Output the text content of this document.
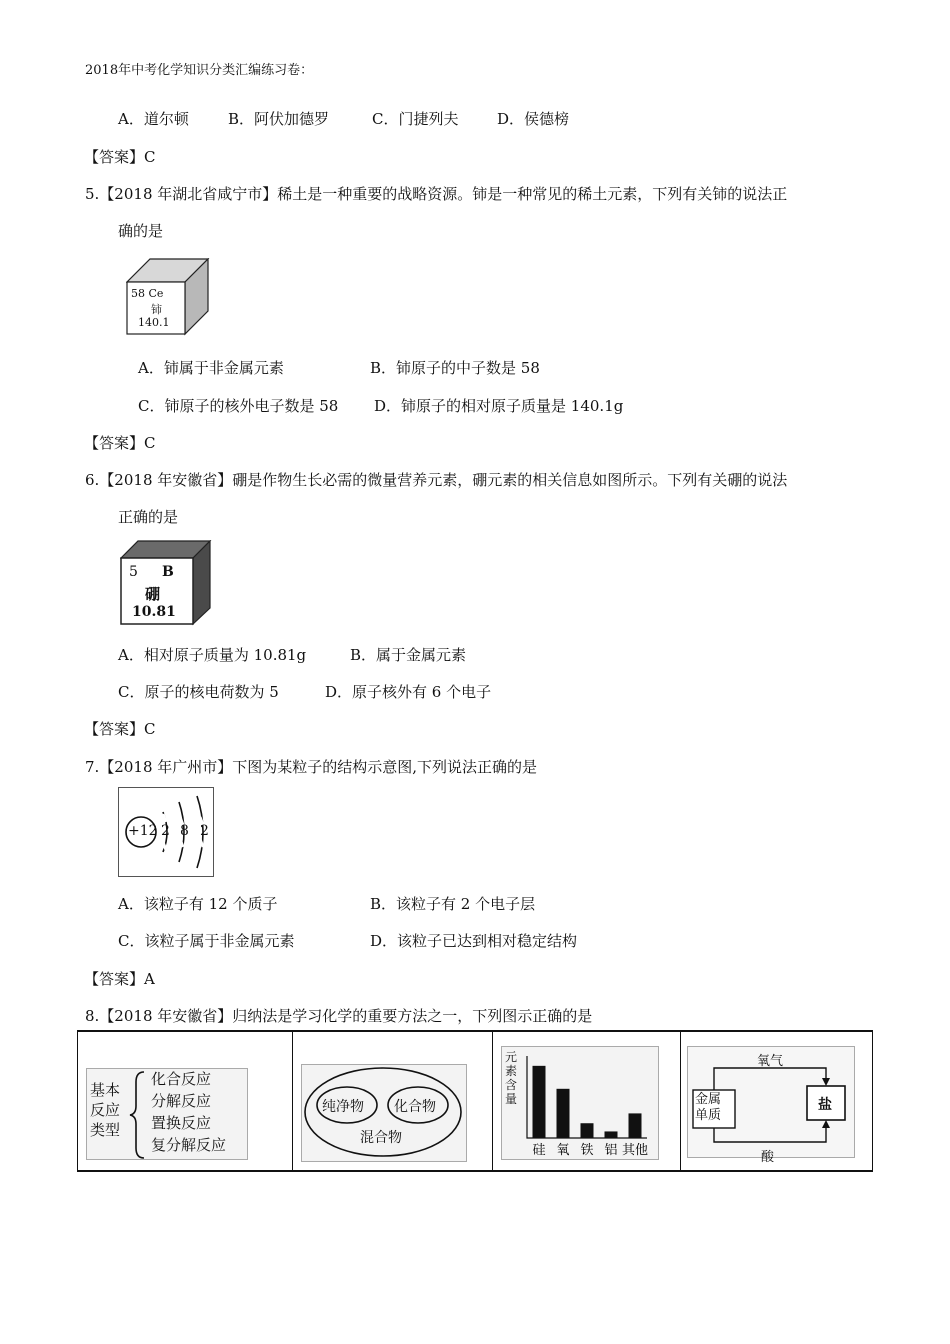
2018年中考化学知识分类汇编练习卷：
A．道尔顿	B．阿伏加德罗	C．门捷列夫	D．侯德榜
【答案】C
5.【2018 年湖北省咸宁市】稀土是一种重要的战略资源。铈是一种常见的稀土元素，下列有关铈的说法正
确的是
58 Ce
铈
140.1
A．铈属于非金属元素	B．铈原子的中子数是 58
C．铈原子的核外电子数是 58 D．铈原子的相对原子质量是 140.1g
【答案】C
6.【2018 年安徽省】硼是作物生长必需的微量营养元素，硼元素的相关信息如图所示。下列有关硼的说法
正确的是
5 B
硼
10.81
A．相对原子质量为 10.81g	B．属于金属元素
C．原子的核电荷数为 5	D．原子核外有 6 个电子
【答案】C
7.【2018 年广州市】下图为某粒子的结构示意图,下列说法正确的是
+12 2 8 2
A．该粒子有 12 个质子	B．该粒子有 2 个电子层
C．该粒子属于非金属元素	D．该粒子已达到相对稳定结构
【答案】A
8.【2018 年安徽省】归纳法是学习化学的重要方法之一，下列图示正确的是
基本
反应
类型
化合反应
分解反应
置换反应
复分解反应
纯净物 化合物
混合物
元素含量
硅 氧 铁 铝 其他
氧气
金属
单质
盐
酸
